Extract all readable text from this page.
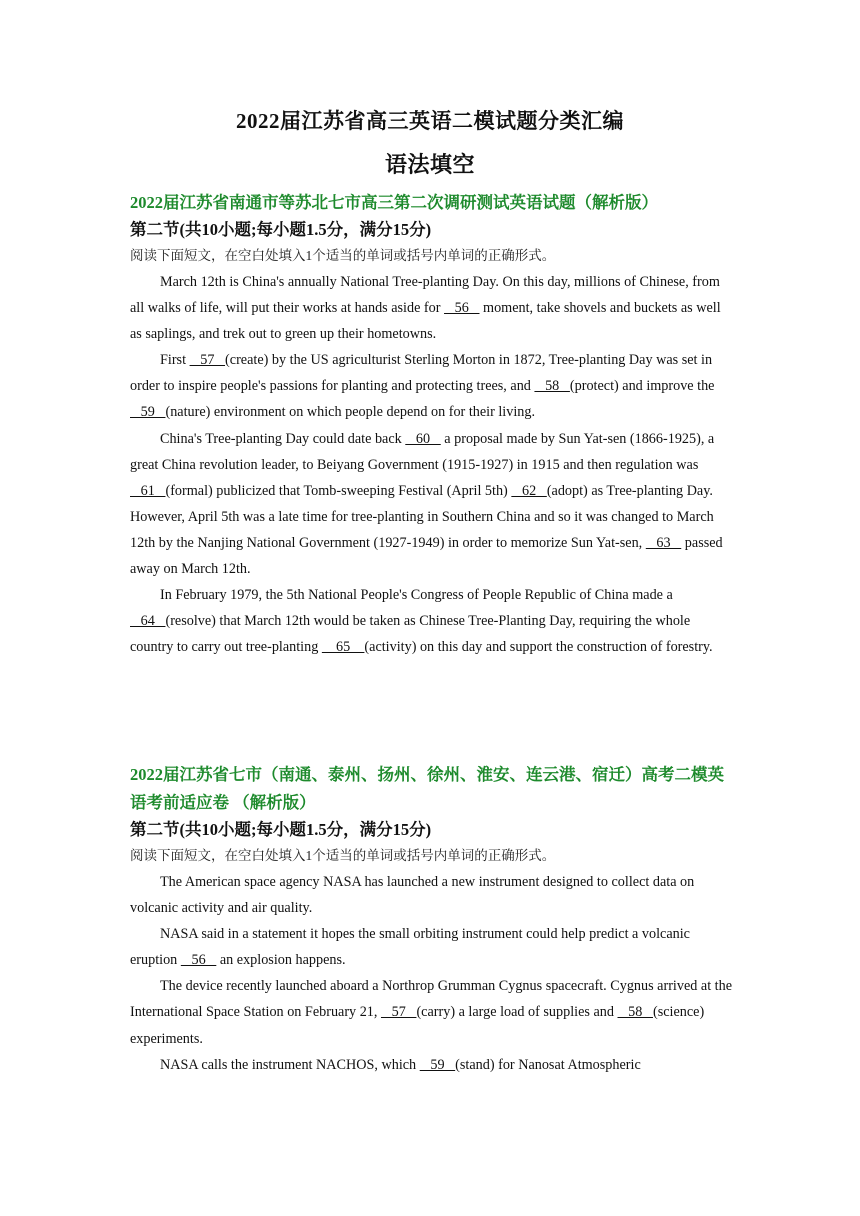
2022届江苏省高三英语二模试题分类汇编
语法填空

2022届江苏省南通市等苏北七市高三第二次调研测试英语试题（解析版）

第二节(共10小题;每小题1.5分，满分15分)

阅读下面短文，在空白处填入1个适当的单词或括号内单词的正确形式。

March 12th is China's annually National Tree-planting Day. On this day, millions of Chinese, from all walks of life, will put their works at hands aside for    56    moment, take shovels and buckets as well as saplings, and trek out to green up their hometowns.

First    57   (create) by the US agriculturist Sterling Morton in 1872, Tree-planting Day was set in order to inspire people's passions for planting and protecting trees, and    58   (protect) and improve the    59   (nature) environment on which people depend on for their living.

China's Tree-planting Day could date back    60    a proposal made by Sun Yat-sen (1866-1925), a great China revolution leader, to Beiyang Government (1915-1927) in 1915 and then regulation was    61   (formal) publicized that Tomb-sweeping Festival (April 5th)    62   (adopt) as Tree-planting Day. However, April 5th was a late time for tree-planting in Southern China and so it was changed to March 12th by the Nanjing National Government (1927-1949) in order to memorize Sun Yat-sen,    63    passed away on March 12th.

In February 1979, the 5th National People's Congress of People Republic of China made a    64   (resolve) that March 12th would be taken as Chinese Tree-Planting Day, requiring the whole country to carry out tree-planting     65    (activity) on this day and support the construction of forestry.

2022届江苏省七市（南通、泰州、扬州、徐州、淮安、连云港、宿迁）高考二模英语考前适应卷 （解析版）

第二节(共10小题;每小题1.5分，满分15分)

阅读下面短文，在空白处填入1个适当的单词或括号内单词的正确形式。

The American space agency NASA has launched a new instrument designed to collect data on volcanic activity and air quality.

NASA said in a statement it hopes the small orbiting instrument could help predict a volcanic eruption    56    an explosion happens.

The device recently launched aboard a Northrop Grumman Cygnus spacecraft. Cygnus arrived at the International Space Station on February 21,    57   (carry) a large load of supplies and    58   (science) experiments.

NASA calls the instrument NACHOS, which    59   (stand) for Nanosat Atmospheric
